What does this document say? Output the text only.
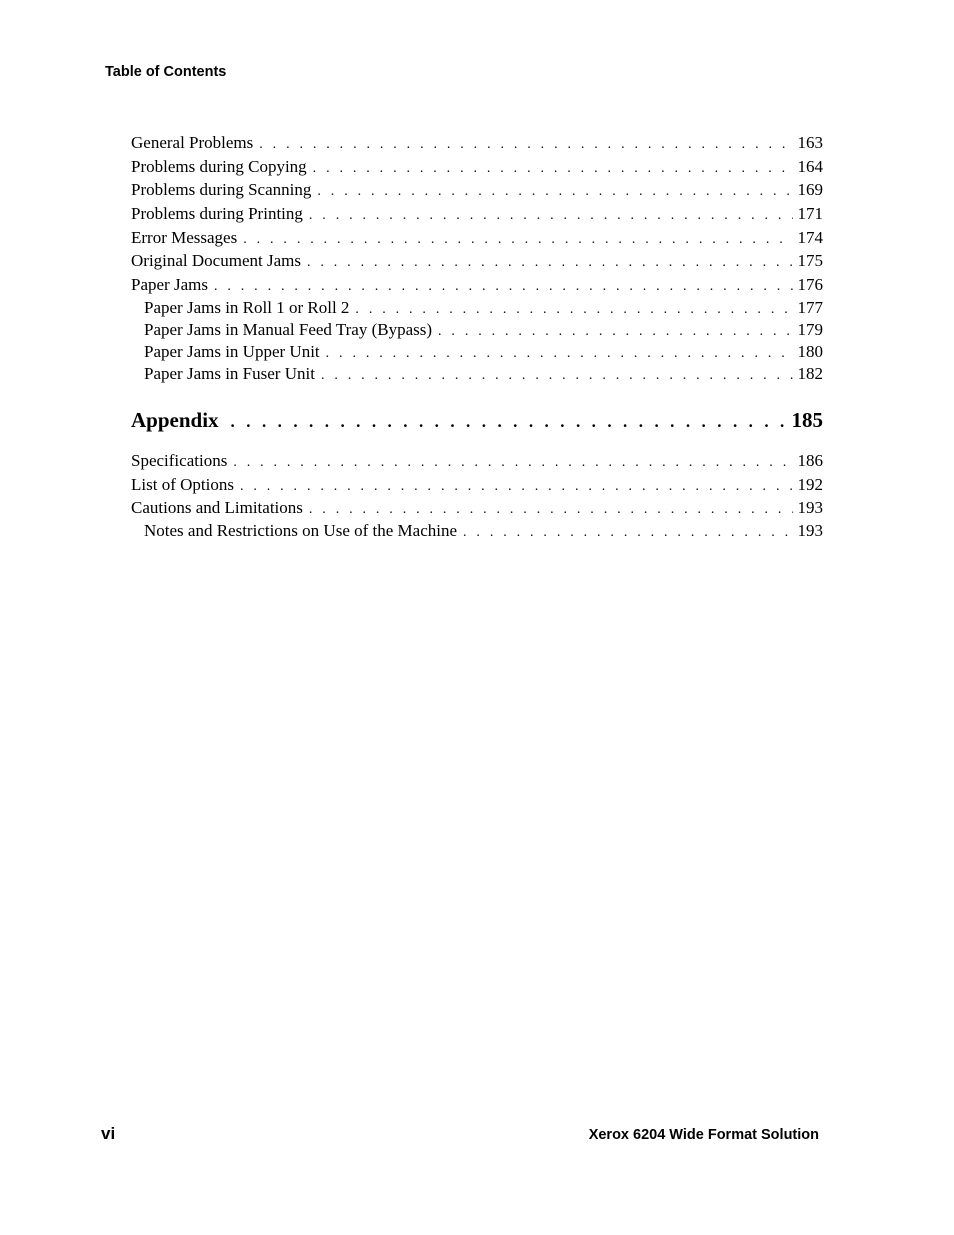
Table of Contents
General Problems . . .	163
Problems during Copying . . .	164
Problems during Scanning . . .	169
Problems during Printing . . .	171
Error Messages . . .	174
Original Document Jams . . .	175
Paper Jams . . .	176
Paper Jams in Roll 1 or Roll 2 . . .	177
Paper Jams in Manual Feed Tray (Bypass) . . .	179
Paper Jams in Upper Unit . . .	180
Paper Jams in Fuser Unit . . .	182
Appendix . . .	185
Specifications . . .	186
List of Options . . .	192
Cautions and Limitations . . .	193
Notes and Restrictions on Use of the Machine . . .	193
vi	Xerox 6204 Wide Format Solution
